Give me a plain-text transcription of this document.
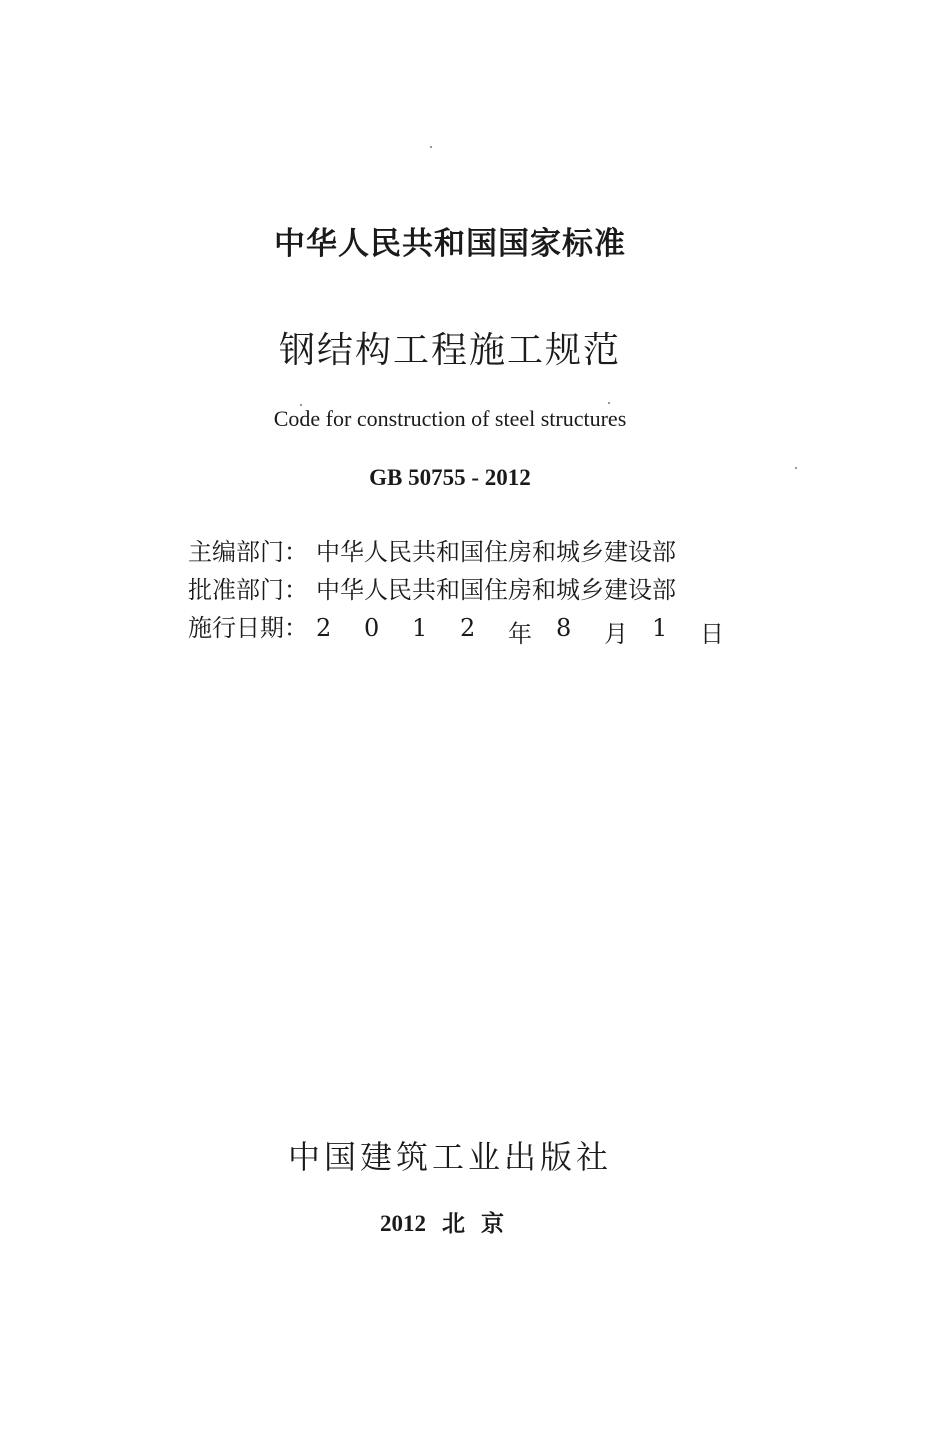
中华人民共和国国家标准
钢结构工程施工规范
Code for construction of steel structures
GB 50755 - 2012
主编部门： 中华人民共和国住房和城乡建设部
批准部门： 中华人民共和国住房和城乡建设部
施行日期： 2	0	1	2	年	8	月	1	日
中国建筑工业出版社
2012 北京
